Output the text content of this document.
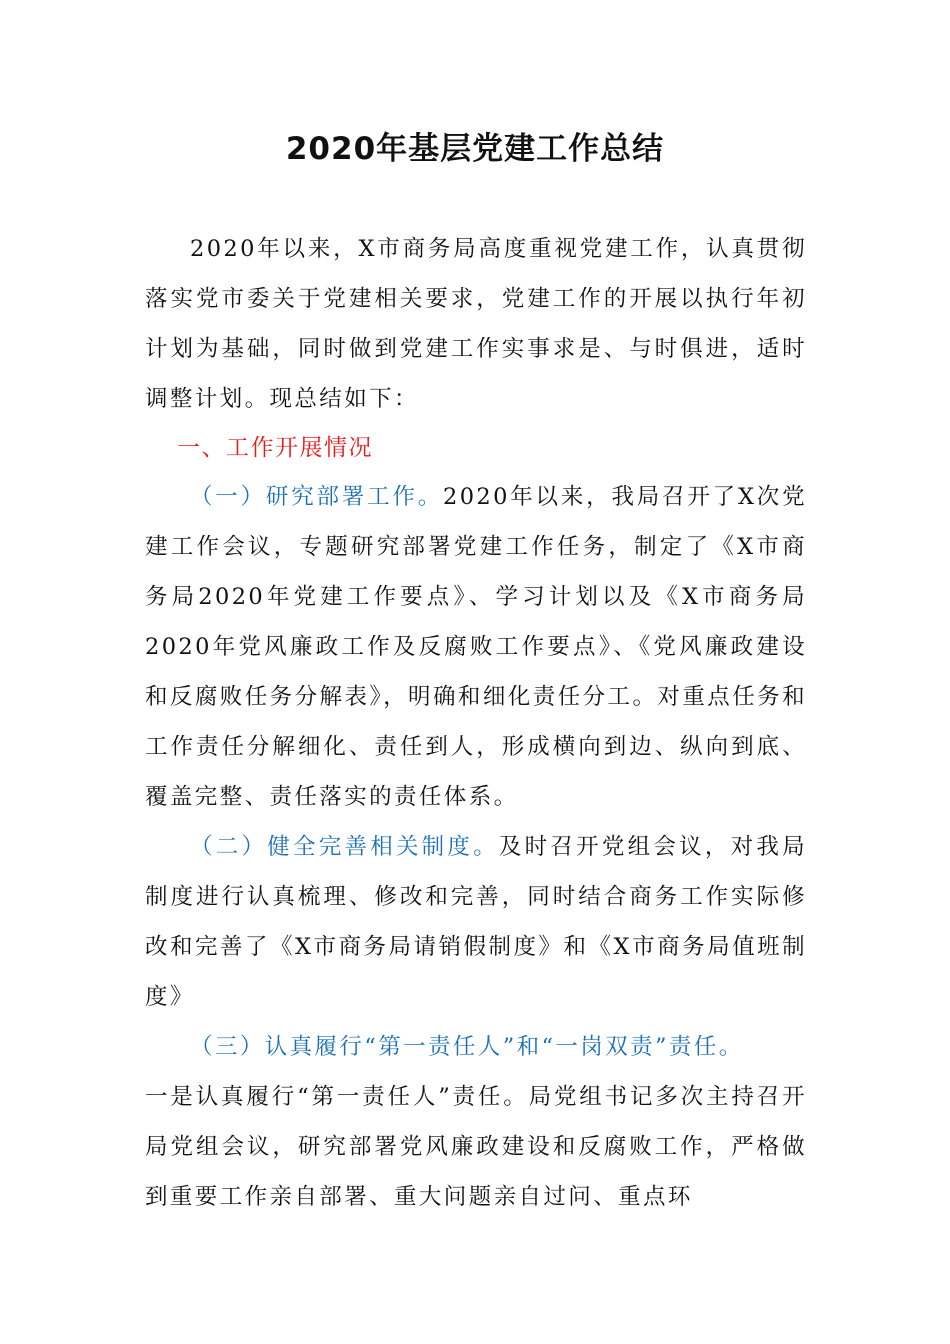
2020年基层党建工作总结

2020年以来，X市商务局高度重视党建工作，认真贯彻落实党市委关于党建相关要求，党建工作的开展以执行年初计划为基础，同时做到党建工作实事求是、与时俱进，适时调整计划。现总结如下：

一、工作开展情况

（一）研究部署工作。2020年以来，我局召开了X次党建工作会议，专题研究部署党建工作任务，制定了《X市商务局2020年党建工作要点》、学习计划以及《X市商务局2020年党风廉政工作及反腐败工作要点》、《党风廉政建设和反腐败任务分解表》，明确和细化责任分工。对重点任务和工作责任分解细化、责任到人，形成横向到边、纵向到底、覆盖完整、责任落实的责任体系。

（二）健全完善相关制度。及时召开党组会议，对我局制度进行认真梳理、修改和完善，同时结合商务工作实际修改和完善了《X市商务局请销假制度》和《X市商务局值班制度》

（三）认真履行“第一责任人”和“一岗双责”责任。

一是认真履行“第一责任人”责任。局党组书记多次主持召开局党组会议，研究部署党风廉政建设和反腐败工作，严格做到重要工作亲自部署、重大问题亲自过问、重点环
